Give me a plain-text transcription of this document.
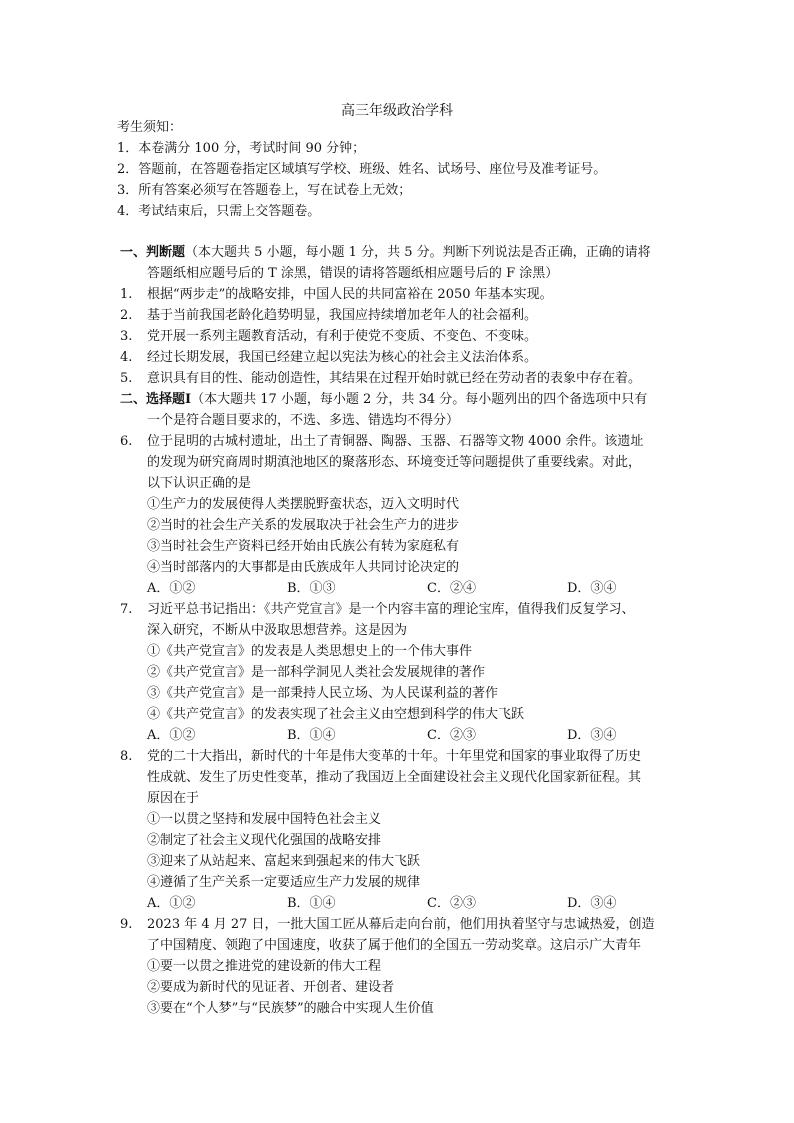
高三年级政治学科
考生须知：
1．本卷满分 100 分，考试时间 90 分钟；
2．答题前，在答题卷指定区域填写学校、班级、姓名、试场号、座位号及准考证号。
3．所有答案必须写在答题卷上，写在试卷上无效；
4．考试结束后，只需上交答题卷。
一、判断题（本大题共 5 小题，每小题 1 分，共 5 分。判断下列说法是否正确，正确的请将
答题纸相应题号后的 T 涂黑，错误的请将答题纸相应题号后的 F 涂黑）
1. 根据“两步走”的战略安排，中国人民的共同富裕在 2050 年基本实现。
2. 基于当前我国老龄化趋势明显，我国应持续增加老年人的社会福利。
3. 党开展一系列主题教育活动，有利于使党不变质、不变色、不变味。
4. 经过长期发展，我国已经建立起以宪法为核心的社会主义法治体系。
5. 意识具有目的性、能动创造性，其结果在过程开始时就已经在劳动者的表象中存在着。
二、选择题Ⅰ（本大题共 17 小题，每小题 2 分，共 34 分。每小题列出的四个备选项中只有
一个是符合题目要求的，不选、多选、错选均不得分）
6. 位于昆明的古城村遗址，出土了青铜器、陶器、玉器、石器等文物 4000 余件。该遗址
的发现为研究商周时期滇池地区的聚落形态、环境变迁等问题提供了重要线索。对此，
以下认识正确的是
①生产力的发展使得人类摆脱野蛮状态，迈入文明时代
②当时的社会生产关系的发展取决于社会生产力的进步
③当时社会生产资料已经开始由氏族公有转为家庭私有
④当时部落内的大事都是由氏族成年人共同讨论决定的
A．①②	B．①③	C．②④	D．③④
7. 习近平总书记指出：《共产党宣言》是一个内容丰富的理论宝库，值得我们反复学习、
深入研究，不断从中汲取思想营养。这是因为
①《共产党宣言》的发表是人类思想史上的一个伟大事件
②《共产党宣言》是一部科学洞见人类社会发展规律的著作
③《共产党宣言》是一部秉持人民立场、为人民谋利益的著作
④《共产党宣言》的发表实现了社会主义由空想到科学的伟大飞跃
A．①②	B．①④	C．②③	D．③④
8. 党的二十大指出，新时代的十年是伟大变革的十年。十年里党和国家的事业取得了历史
性成就、发生了历史性变革，推动了我国迈上全面建设社会主义现代化国家新征程。其
原因在于
①一以贯之坚持和发展中国特色社会主义
②制定了社会主义现代化强国的战略安排
③迎来了从站起来、富起来到强起来的伟大飞跃
④遵循了生产关系一定要适应生产力发展的规律
A．①②	B．①④	C．②③	D．③④
9. 2023 年 4 月 27 日，一批大国工匠从幕后走向台前，他们用执着坚守与忠诚热爱，创造
了中国精度、领跑了中国速度，收获了属于他们的全国五一劳动奖章。这启示广大青年
①要一以贯之推进党的建设新的伟大工程
②要成为新时代的见证者、开创者、建设者
③要在“个人梦”与“民族梦”的融合中实现人生价值
